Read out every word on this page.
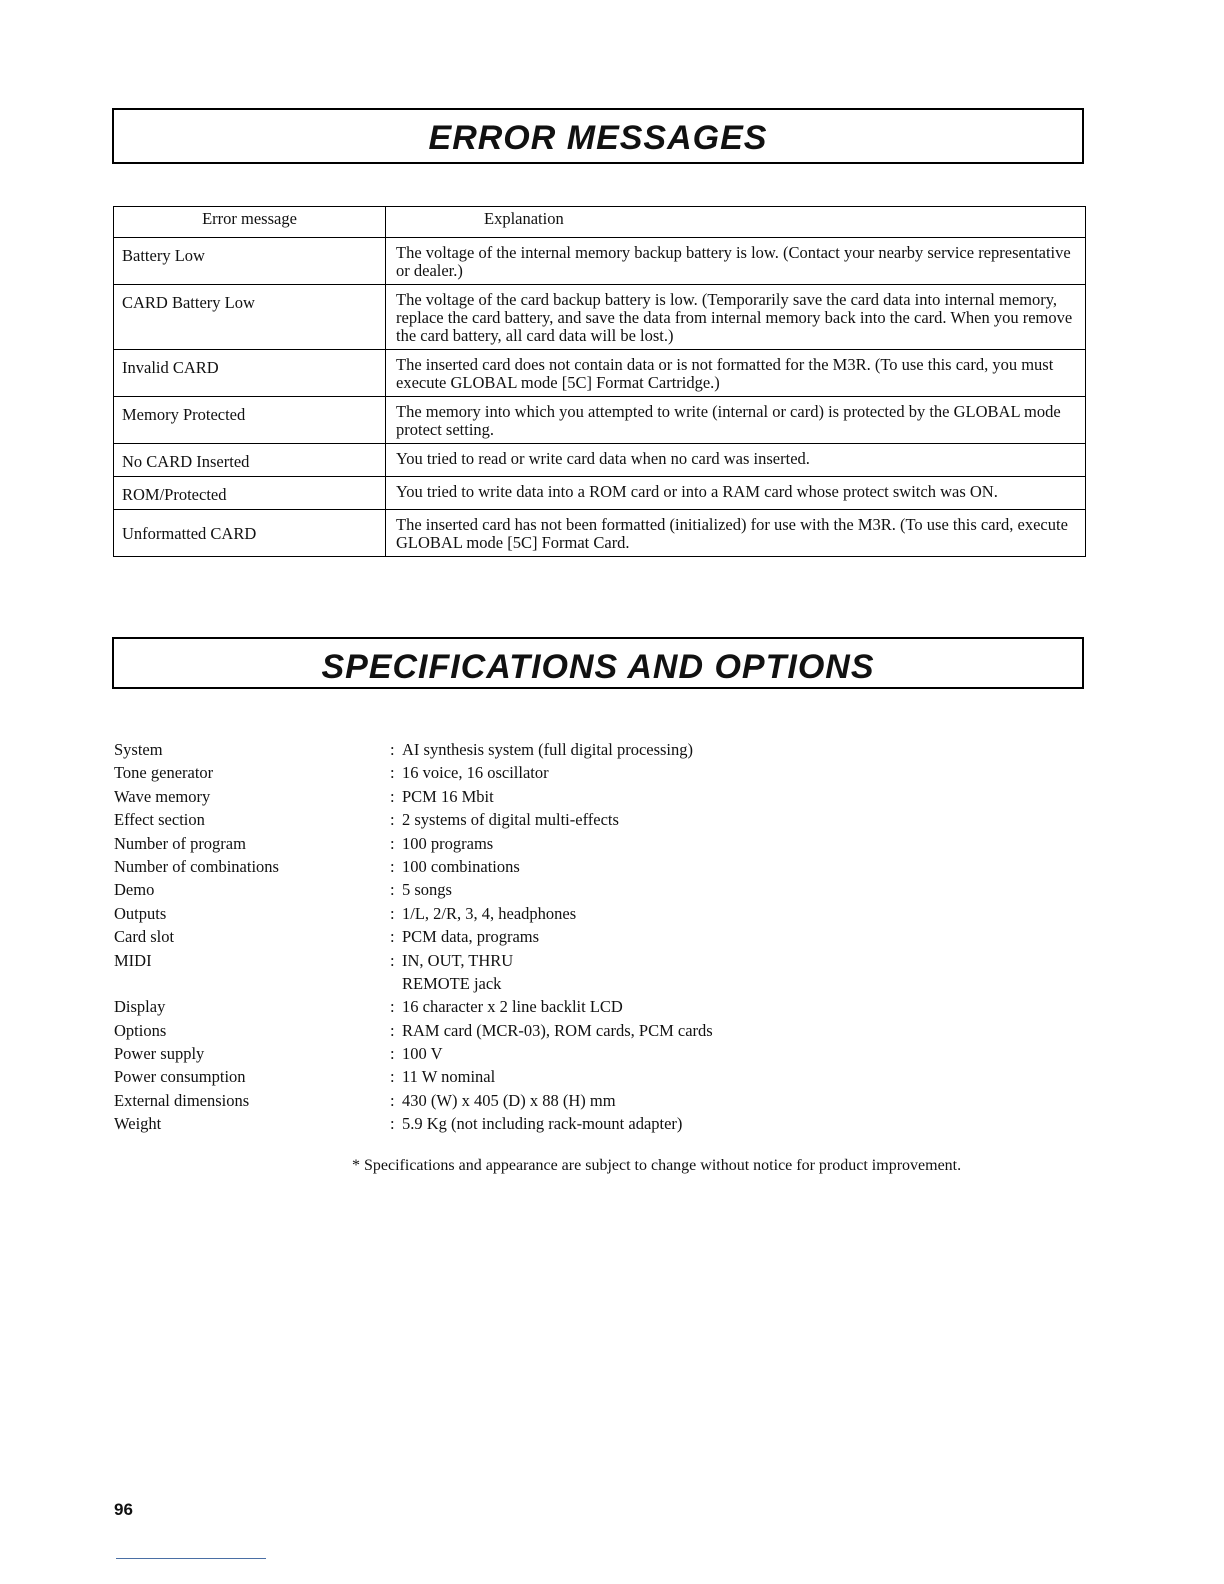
ERROR MESSAGES
Error message	Explanation
Battery Low	The voltage of the internal memory backup battery is low. (Contact your nearby service representative or dealer.)
CARD Battery Low	The voltage of the card backup battery is low. (Temporarily save the card data into internal memory, replace the card battery, and save the data from internal memory back into the card. When you remove the card battery, all card data will be lost.)
Invalid CARD	The inserted card does not contain data or is not formatted for the M3R. (To use this card, you must execute GLOBAL mode [5C] Format Cartridge.)
Memory Protected	The memory into which you attempted to write (internal or card) is protected by the GLOBAL mode protect setting.
No CARD Inserted	You tried to read or write card data when no card was inserted.
ROM/Protected	You tried to write data into a ROM card or into a RAM card whose protect switch was ON.
Unformatted CARD	The inserted card has not been formatted (initialized) for use with the M3R. (To use this card, execute GLOBAL mode [5C] Format Card.
SPECIFICATIONS AND OPTIONS
System	: AI synthesis system (full digital processing)
Tone generator	: 16 voice, 16 oscillator
Wave memory	: PCM 16 Mbit
Effect section	: 2 systems of digital multi-effects
Number of program	: 100 programs
Number of combinations	: 100 combinations
Demo	: 5 songs
Outputs	: 1/L, 2/R, 3, 4, headphones
Card slot	: PCM data, programs
MIDI	: IN, OUT, THRU
REMOTE jack
Display	: 16 character x 2 line backlit LCD
Options	: RAM card (MCR-03), ROM cards, PCM cards
Power supply	: 100 V
Power consumption	: 11 W nominal
External dimensions	: 430 (W) x 405 (D) x 88 (H) mm
Weight	: 5.9 Kg (not including rack-mount adapter)
* Specifications and appearance are subject to change without notice for product improvement.
96
